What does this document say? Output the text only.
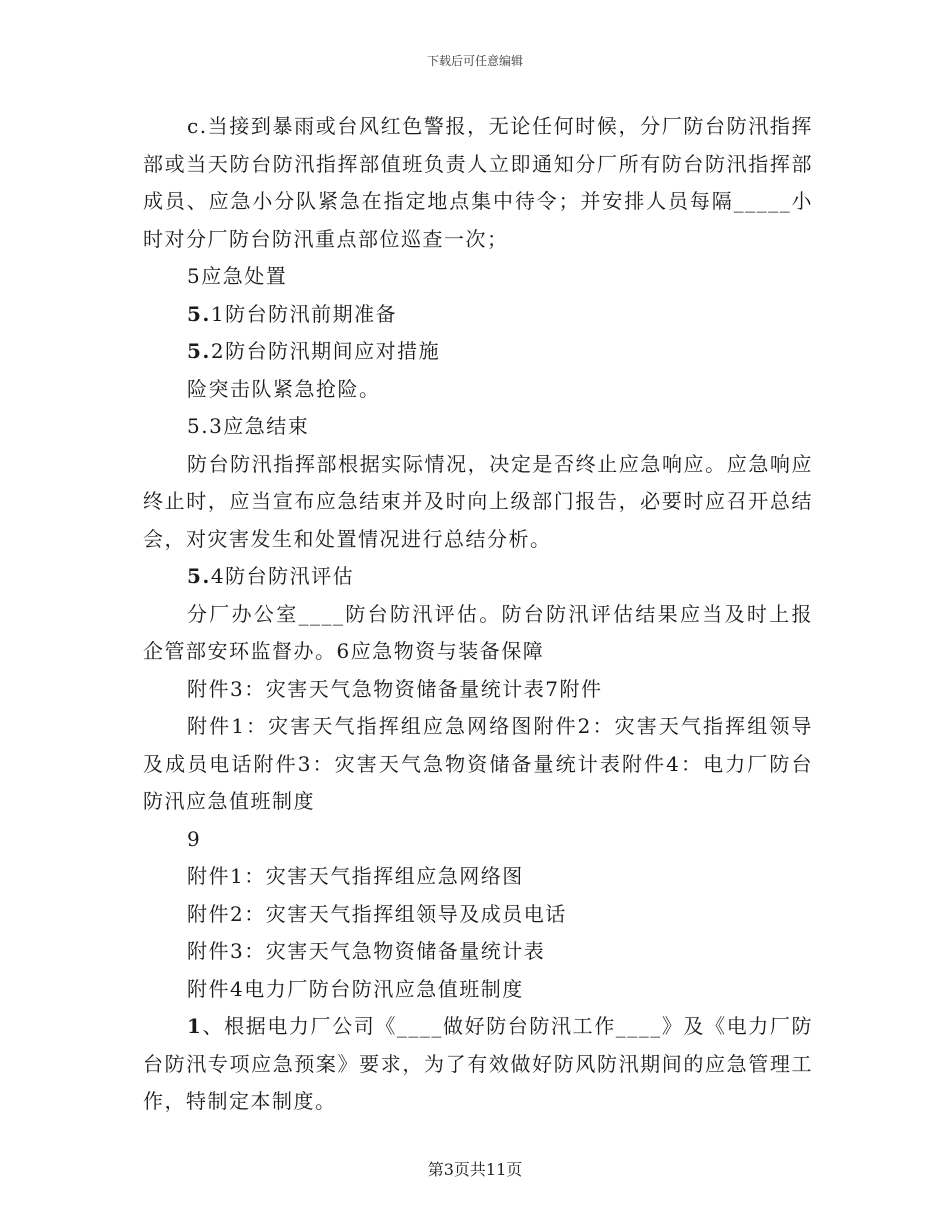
下载后可任意编辑

c.当接到暴雨或台风红色警报，无论任何时候，分厂防台防汛指挥部或当天防台防汛指挥部值班负责人立即通知分厂所有防台防汛指挥部成员、应急小分队紧急在指定地点集中待令；并安排人员每隔_____小时对分厂防台防汛重点部位巡查一次；

5应急处置

5.1防台防汛前期准备

5.2防台防汛期间应对措施

险突击队紧急抢险。

5.3应急结束

防台防汛指挥部根据实际情况，决定是否终止应急响应。应急响应终止时，应当宣布应急结束并及时向上级部门报告，必要时应召开总结会，对灾害发生和处置情况进行总结分析。

5.4防台防汛评估

分厂办公室____防台防汛评估。防台防汛评估结果应当及时上报企管部安环监督办。6应急物资与装备保障

附件3：灾害天气急物资储备量统计表7附件

附件1：灾害天气指挥组应急网络图附件2：灾害天气指挥组领导及成员电话附件3：灾害天气急物资储备量统计表附件4：电力厂防台防汛应急值班制度

9

附件1：灾害天气指挥组应急网络图

附件2：灾害天气指挥组领导及成员电话

附件3：灾害天气急物资储备量统计表

附件4电力厂防台防汛应急值班制度

1、根据电力厂公司《____做好防台防汛工作____》及《电力厂防台防汛专项应急预案》要求，为了有效做好防风防汛期间的应急管理工作，特制定本制度。

第3页共11页
